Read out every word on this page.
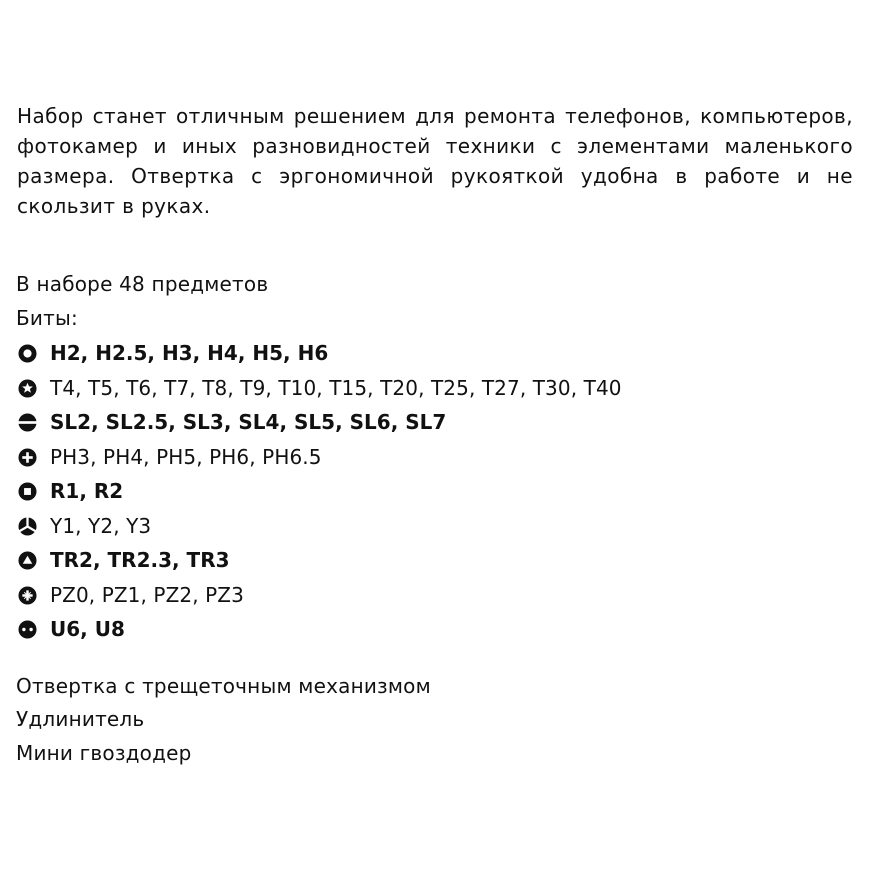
Набор станет отличным решением для ремонта телефонов, компьютеров, фотокамер и иных разновидностей техники с элементами маленького размера. Отвертка с эргономичной рукояткой удобна в работе и не скользит в руках.

В наборе 48 предметов
Биты:
H2, H2.5, H3, H4, H5, H6
T4, T5, T6, T7, T8, T9, T10, T15, T20, T25, T27, T30, T40
SL2, SL2.5, SL3, SL4, SL5, SL6, SL7
PH3, PH4, PH5, PH6, PH6.5
R1, R2
Y1, Y2, Y3
TR2, TR2.3, TR3
PZ0, PZ1, PZ2, PZ3
U6, U8
Отвертка с трещеточным механизмом
Удлинитель
Мини гвоздодер
